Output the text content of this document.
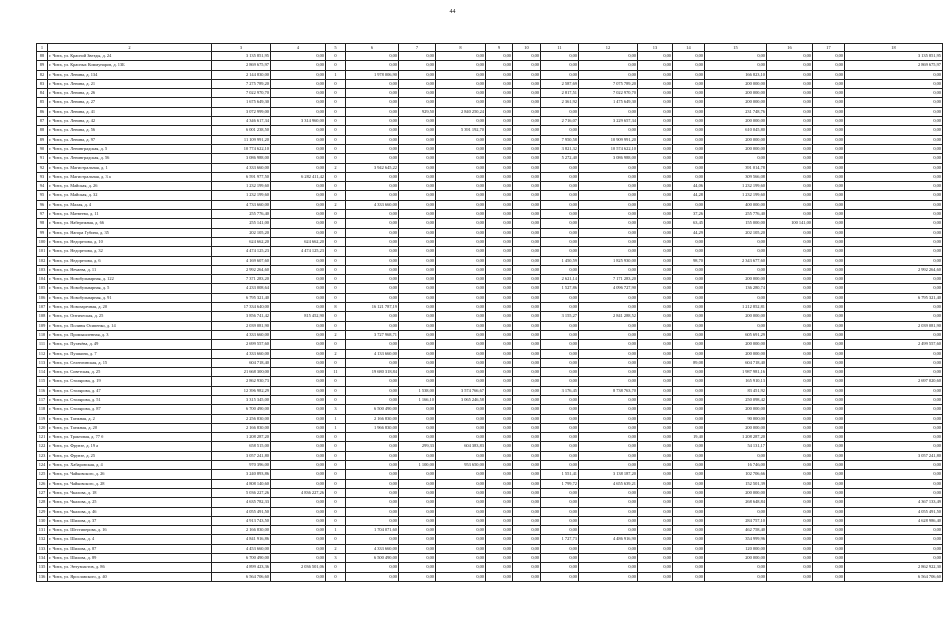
44
1	2	3	4	5	6	7	8	9	10	11	12	13	14	15	16	17	18
88	г. Чита, ул. Красной Звезды, д. 24	3 135 851,95	0,00	0	0,00	0,00	0,00	0,00	0,00	0,00	0,00	0,00	0,00	0,00	0,00	0,00	3 135 851,95
89	г. Чита, ул. Красных Коммунаров, д. 13Б	2 869 675,97	0,00	0	0,00	0,00	0,00	0,00	0,00	0,00	0,00	0,00	0,00	0,00	0,00	0,00	2 869 675,97
82	г. Чита, ул. Ленина, д. 134	2 144 830,00	0,00	1	1 978 006,90	0,00	0,00	0,00	0,00	0,00	0,00	0,00	0,00	166 823,10	0,00	0,00	0,00
83	г. Чита, ул. Ленина, д. 21	7 275 789,20	0,00	0	0,00	0,00	0,00	0,00	0,00	2 587,69	7 075 789,20	0,00	0,00	200 000,00	0,00	0,00	0,00
84	г. Чита, ул. Ленина, д. 26	7 022 970,70	0,00	0	0,00	0,00	0,00	0,00	0,00	2 817,51	7 022 970,70	0,00	0,00	200 000,00	0,00	0,00	0,00
85	г. Чита, ул. Ленина, д. 27	1 675 649,30	0,00	0	0,00	0,00	0,00	0,00	0,00	2 361,92	1 475 649,30	0,00	0,00	200 000,00	0,00	0,00	0,00
86	г. Чита, ул. Ленина, д. 41	3 072 999,00	0,00	0	0,00	929,50	2 840 250,24	0,00	0,00	0,00	0,00	0,00	0,00	231 748,76	0,00	0,00	0,00
87	г. Чита, ул. Ленина, д. 42	4 346 617,34	3 314 960,00	0	0,00	0,00	0,00	0,00	0,00	2 716,07	3 229 657,34	0,00	0,00	200 000,00	0,00	0,00	0,00
88	г. Чита, ул. Ленина, д. 56	6 001 238,50	0,00	0	0,00	0,00	5 391 192,70	0,00	0,00	0,00	0,00	0,00	0,00	610 045,80	0,00	0,00	0,00
89	г. Чита, ул. Ленина, д. 97	11 109 991,20	0,00	0	0,00	0,00	0,00	0,00	0,00	7 950,58	10 909 991,20	0,00	0,00	200 000,00	0,00	0,00	0,00
90	г. Чита, ул. Ленинградская, д. 5	10 774 622,10	0,00	0	0,00	0,00	0,00	0,00	0,00	3 821,32	10 574 622,10	0,00	0,00	200 000,00	0,00	0,00	0,00
91	г. Чита, ул. Ленинградская, д. 56	3 086 988,00	0,00	0	0,00	0,00	0,00	0,00	0,00	5 272,40	3 086 988,00	0,00	0,00	0,00	0,00	0,00	0,00
92	г. Чита, ул. Магистральная, д. 1	4 333 660,00	0,00	2	3 942 645,22	0,00	0,00	0,00	0,00	0,00	0,00	0,00	0,00	391 014,78	0,00	0,00	0,00
93	г. Чита, ул. Магистральная, д. 3 а	6 591 977,50	6 282 411,42	0	0,00	0,00	0,00	0,00	0,00	0,00	0,00	0,00	0,00	309 566,08	0,00	0,00	0,00
94	г. Чита, ул. Майская, д. 26	1 232 199,60	0,00	0	0,00	0,00	0,00	0,00	0,00	0,00	0,00	0,00	44,06	1 232 199,60	0,00	0,00	0,00
95	г. Чита, ул. Майская, д. 32	1 232 199,60	0,00	0	0,00	0,00	0,00	0,00	0,00	0,00	0,00	0,00	44,28	1 232 199,60	0,00	0,00	0,00
96	г. Чита, ул. Малая, д. 4	4 733 660,00	0,00	2	4 333 660,00	0,00	0,00	0,00	0,00	0,00	0,00	0,00	0,00	400 000,00	0,00	0,00	0,00
97	г. Чита, ул. Матвеева, д. 11	255 776,40	0,00	0	0,00	0,00	0,00	0,00	0,00	0,00	0,00	0,00	37,26	255 776,40	0,00	0,00	0,00
98	г. Чита, ул. Набережная, д. 66	255 141,00	0,00	0	0,00	0,00	0,00	0,00	0,00	0,00	0,00	0,00	63,45	155 000,00	100 141,00	0,00	0,00
99	г. Чита, ул. Нагора Губина, д. 35	202 105,20	0,00	0	0,00	0,00	0,00	0,00	0,00	0,00	0,00	0,00	44,29	202 105,20	0,00	0,00	0,00
100	г. Чита, ул. Недорезова, д. 10	624 662,20	624 662,20	0	0,00	0,00	0,00	0,00	0,00	0,00	0,00	0,00	0,00	0,00	0,00	0,00	0,00
101	г. Чита, ул. Недорезова, д. 32	4 474 125,23	4 474 125,23	0	0,00	0,00	0,00	0,00	0,00	0,00	0,00	0,00	0,00	0,00	0,00	0,00	0,00
102	г. Чита, ул. Недорезова, д. 6	4 169 607,60	0,00	0	0,00	0,00	0,00	0,00	0,00	1 450,59	1 825 930,00	0,00	98,70	2 343 677,60	0,00	0,00	0,00
103	г. Чита, ул. Нечаева, д. 11	2 992 264,60	0,00	0	0,00	0,00	0,00	0,00	0,00	0,00	0,00	0,00	0,00	0,00	0,00	0,00	2 992 264,60
104	г. Чита, ул. Новобульварная, д. 122	7 371 283,20	0,00	0	0,00	0,00	0,00	0,00	0,00	2 621,14	7 171 283,20	0,00	0,00	200 000,00	0,00	0,00	0,00
105	г. Чита, ул. Новобульварная, д. 5	4 233 008,64	0,00	0	0,00	0,00	0,00	0,00	0,00	1 527,86	4 096 727,90	0,00	0,00	136 280,74	0,00	0,00	0,00
106	г. Чита, ул. Новобульварная, д. 91	6 795 321,40	0,00	0	0,00	0,00	0,00	0,00	0,00	0,00	0,00	0,00	0,00	0,00	0,00	0,00	6 795 321,40
107	г. Чита, ул. Новозаречная, д. 20	17 334 640,00	0,00	8	16 121 787,19	0,00	0,00	0,00	0,00	0,00	0,00	0,00	0,00	1 212 852,81	0,00	0,00	0,00
108	г. Чита, ул. Оптическая, д. 25	3 856 741,42	815 452,90	0	0,00	0,00	0,00	0,00	0,00	3 155,27	2 841 288,52	0,00	0,00	200 000,00	0,00	0,00	0,00
109	г. Чита, ул. Полины Осипенко, д. 14	2 039 081,90	0,00	0	0,00	0,00	0,00	0,00	0,00	0,00	0,00	0,00	0,00	0,00	0,00	0,00	2 039 081,90
110	г. Чита, ул. Промышленная, д. 3	4 333 660,00	0,00	2	3 727 968,71	0,00	0,00	0,00	0,00	0,00	0,00	0,00	0,00	605 691,29	0,00	0,00	0,00
111	г. Чита, ул. Пугачёва, д. 49	2 699 557,60	0,00	0	0,00	0,00	0,00	0,00	0,00	0,00	0,00	0,00	0,00	200 000,00	0,00	0,00	2 499 557,60
112	г. Чита, ул. Пушкина, д. 7	4 333 660,00	0,00	2	4 133 660,00	0,00	0,00	0,00	0,00	0,00	0,00	0,00	0,00	200 000,00	0,00	0,00	0,00
113	г. Чита, ул. Селенгинская, д. 15	604 718,40	0,00	0	0,00	0,00	0,00	0,00	0,00	0,00	0,00	0,00	89,08	604 718,40	0,00	0,00	0,00
114	г. Чита, ул. Советская, д. 25	21 668 300,00	0,00	11	19 680 318,84	0,00	0,00	0,00	0,00	0,00	0,00	0,00	0,00	1 987 981,16	0,00	0,00	0,00
115	г. Чита, ул. Столярова, д. 19	2 862 930,73	0,00	0	0,00	0,00	0,00	0,00	0,00	0,00	0,00	0,00	0,00	165 910,13	0,00	0,00	2 697 020,60
116	г. Чита, ул. Столярова, д. 47	12 396 982,29	0,00	0	0,00	1 538,00	3 574 766,67	0,00	0,00	3 176,45	8 738 763,70	0,00	0,00	83 451,92	0,00	0,00	0,00
117	г. Чита, ул. Столярова, д. 51	3 315 345,00	0,00	0	0,00	1 166,10	3 065 246,58	0,00	0,00	0,00	0,00	0,00	0,00	250 098,42	0,00	0,00	0,00
118	г. Чита, ул. Столярова, д. 87	6 700 490,00	0,00	3	6 500 490,00	0,00	0,00	0,00	0,00	0,00	0,00	0,00	0,00	200 000,00	0,00	0,00	0,00
119	г. Чита, ул. Таежная, д. 2	2 256 830,00	0,00	1	2 166 830,00	0,00	0,00	0,00	0,00	0,00	0,00	0,00	0,00	90 000,00	0,00	0,00	0,00
120	г. Чита, ул. Таежная, д. 20	2 166 830,00	0,00	1	1 966 830,00	0,00	0,00	0,00	0,00	0,00	0,00	0,00	0,00	200 000,00	0,00	0,00	0,00
121	г. Чита, ул. Трактовая, д. 77 б	1 208 287,20	0,00	0	0,00	0,00	0,00	0,00	0,00	0,00	0,00	0,00	19,40	1 208 287,20	0,00	0,00	0,00
122	г. Чита, ул. Фрунзе, д. 19 а	658 515,00	0,00	0	0,00	299,33	604 383,83	0,00	0,00	0,00	0,00	0,00	0,00	54 131,17	0,00	0,00	0,00
123	г. Чита, ул. Фрунзе, д. 25	3 057 241,80	0,00	0	0,00	0,00	0,00	0,00	0,00	0,00	0,00	0,00	0,00	0,00	0,00	0,00	3 057 241,80
124	г. Чита, ул. Хабаровская, д. 4	970 396,00	0,00	0	0,00	1 100,00	953 650,00	0,00	0,00	0,00	0,00	0,00	0,00	16 746,00	0,00	0,00	0,00
125	г. Чита, ул. Чайковского, д. 26	3 240 893,86	0,00	0	0,00	0,00	0,00	0,00	0,00	1 551,41	3 138 187,20	0,00	0,00	102 706,66	0,00	0,00	0,00
126	г. Чита, ул. Чайковского, д. 28	4 808 140,60	0,00	0	0,00	0,00	0,00	0,00	0,00	1 799,72	4 655 639,21	0,00	0,00	152 501,39	0,00	0,00	0,00
127	г. Чита, ул. Чкалова, д. 18	5 036 227,26	4 836 227,26	0	0,00	0,00	0,00	0,00	0,00	0,00	0,00	0,00	0,00	200 000,00	0,00	0,00	0,00
128	г. Чита, ул. Чкалова, д. 25	4 635 782,33	0,00	0	0,00	0,00	0,00	0,00	0,00	0,00	0,00	0,00	0,00	268 648,84	0,00	0,00	4 367 133,49
129	г. Чита, ул. Чкалова, д. 46	4 055 491,50	0,00	0	0,00	0,00	0,00	0,00	0,00	0,00	0,00	0,00	0,00	0,00	0,00	0,00	4 055 491,50
130	г. Чита, ул. Шилова, д. 37	4 913 743,50	0,00	0	0,00	0,00	0,00	0,00	0,00	0,00	0,00	0,00	0,00	284 757,10	0,00	0,00	4 628 986,40
131	г. Чита, ул. Шестиперова, д. 16	2 166 830,00	0,00	1	1 704 071,60	0,00	0,00	0,00	0,00	0,00	0,00	0,00	0,00	462 758,40	0,00	0,00	0,00
132	г. Чита, ул. Шилова, д. 4	4 841 916,86	0,00	0	0,00	0,00	0,00	0,00	0,00	1 727,73	4 486 916,90	0,00	0,00	354 999,96	0,00	0,00	0,00
133	г. Чита, ул. Шилова, д. 87	4 453 660,00	0,00	2	4 333 660,00	0,00	0,00	0,00	0,00	0,00	0,00	0,00	0,00	120 000,00	0,00	0,00	0,00
134	г. Чита, ул. Шилова, д. 89	6 700 490,00	0,00	3	6 500 490,00	0,00	0,00	0,00	0,00	0,00	0,00	0,00	0,00	200 000,00	0,00	0,00	0,00
135	г. Чита, ул. Энтузиастов, д. 86	4 899 423,36	2 036 501,06	0	0,00	0,00	0,00	0,00	0,00	0,00	0,00	0,00	0,00	0,00	0,00	0,00	2 862 922,30
136	г. Чита, ул. Ярославского, д. 40	6 564 706,60	0,00	0	0,00	0,00	0,00	0,00	0,00	0,00	0,00	0,00	0,00	0,00	0,00	0,00	6 564 706,60
